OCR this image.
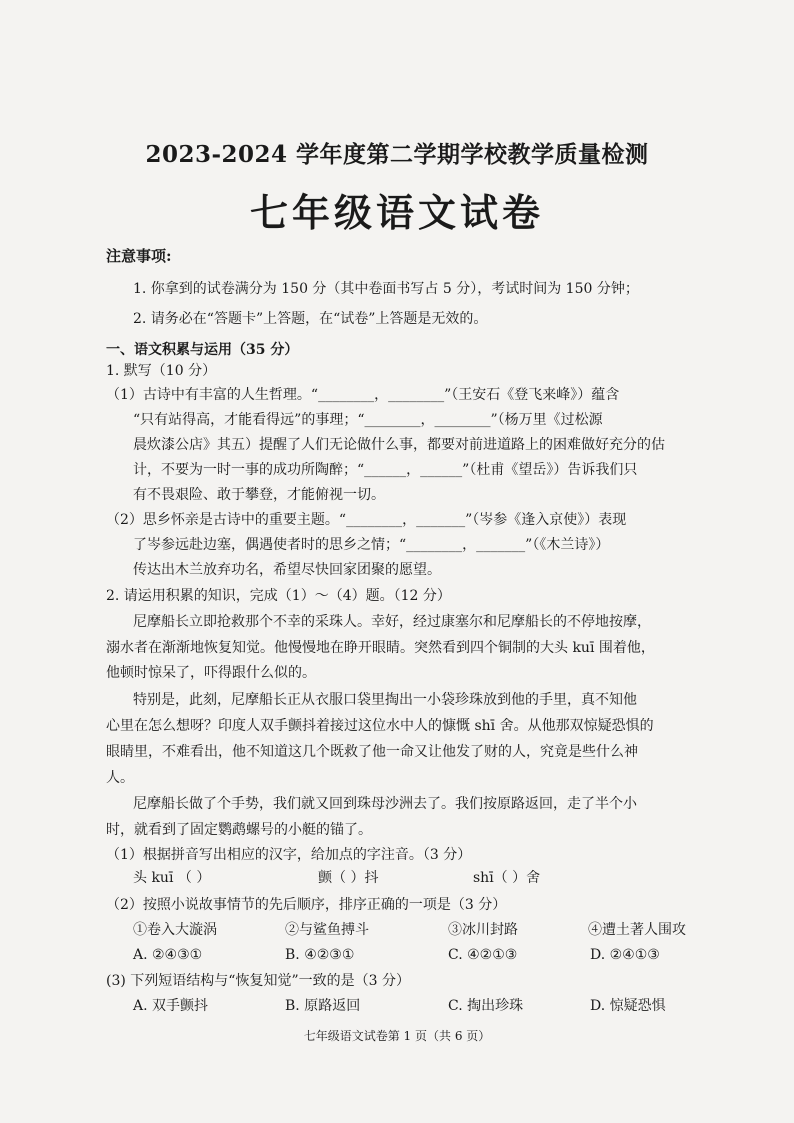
2023-2024 学年度第二学期学校教学质量检测
七年级语文试卷
注意事项:
1. 你拿到的试卷满分为 150 分（其中卷面书写占 5 分），考试时间为 150 分钟；
2. 请务必在“答题卡”上答题，在“试卷”上答题是无效的。
一、语文积累与运用（35 分）
1. 默写（10 分）
（1）古诗中有丰富的人生哲理。“________，________”（王安石《登飞来峰》）蕴含
“只有站得高，才能看得远”的事理；“________，________”（杨万里《过松源
晨炊漆公店》其五）提醒了人们无论做什么事，都要对前进道路上的困难做好充分的估
计，不要为一时一事的成功所陶醉；“______，______”（杜甫《望岳》）告诉我们只
有不畏艰险、敢于攀登，才能俯视一切。
（2）思乡怀亲是古诗中的重要主题。“________，_______”（岑参《逢入京使》）表现
了岑参远赴边塞，偶遇使者时的思乡之情；“________，_______”（《木兰诗》）
传达出木兰放弃功名，希望尽快回家团聚的愿望。
2. 请运用积累的知识，完成（1）～（4）题。（12 分）
尼摩船长立即抢救那个不幸的采珠人。幸好，经过康塞尔和尼摩船长的不停地按摩，
溺水者在渐渐地恢复知觉。他慢慢地在睁开眼睛。突然看到四个铜制的大头 kuī 围着他，
他顿时惊呆了，吓得跟什么似的。
特别是，此刻，尼摩船长正从衣服口袋里掏出一小袋珍珠放到他的手里，真不知他
心里在怎么想呀？印度人双手颤抖着接过这位水中人的慷慨 shī 舍。从他那双惊疑恐惧的
眼睛里，不难看出，他不知道这几个既救了他一命又让他发了财的人，究竟是些什么神
人。
尼摩船长做了个手势，我们就又回到珠母沙洲去了。我们按原路返回，走了半个小
时，就看到了固定鹦鹉螺号的小艇的锚了。
（1）根据拼音写出相应的汉字，给加点的字注音。（3 分）
头 kuī （ ）	颤（ ）抖	shī（ ）舍
（2）按照小说故事情节的先后顺序，排序正确的一项是（3 分）
①卷入大漩涡	②与鲨鱼搏斗	③冰川封路	④遭土著人围攻
A. ②④③①	B. ④②③①	C. ④②①③	D. ②④①③
(3) 下列短语结构与“恢复知觉”一致的是（3 分）
A. 双手颤抖	B. 原路返回	C. 掏出珍珠	D. 惊疑恐惧
七年级语文试卷第 1 页（共 6 页）
